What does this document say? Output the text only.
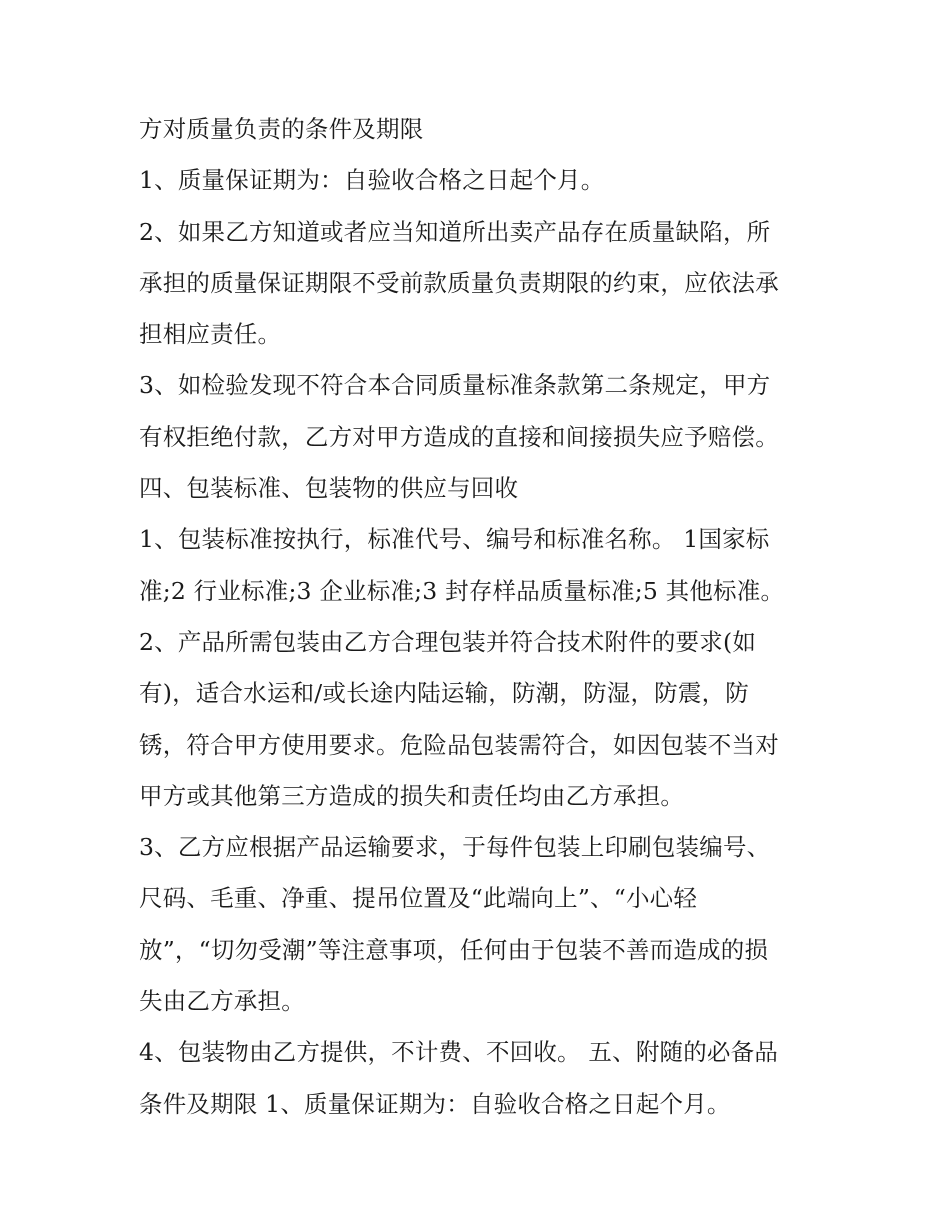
方对质量负责的条件及期限
1、质量保证期为：自验收合格之日起个月。
2、如果乙方知道或者应当知道所出卖产品存在质量缺陷，所
承担的质量保证期限不受前款质量负责期限的约束，应依法承
担相应责任。
3、如检验发现不符合本合同质量标准条款第二条规定，甲方
有权拒绝付款，乙方对甲方造成的直接和间接损失应予赔偿。
四、包装标准、包装物的供应与回收
1、包装标准按执行，标准代号、编号和标准名称。 1国家标
准;2 行业标准;3 企业标准;3 封存样品质量标准;5 其他标准。
2、产品所需包装由乙方合理包装并符合技术附件的要求(如
有)，适合水运和/或长途内陆运输，防潮，防湿，防震，防
锈，符合甲方使用要求。危险品包装需符合，如因包装不当对
甲方或其他第三方造成的损失和责任均由乙方承担。
3、乙方应根据产品运输要求，于每件包装上印刷包装编号、
尺码、毛重、净重、提吊位置及“此端向上”、“小心轻
放”，“切勿受潮”等注意事项，任何由于包装不善而造成的损
失由乙方承担。
4、包装物由乙方提供，不计费、不回收。 五、附随的必备品
条件及期限 1、质量保证期为：自验收合格之日起个月。
